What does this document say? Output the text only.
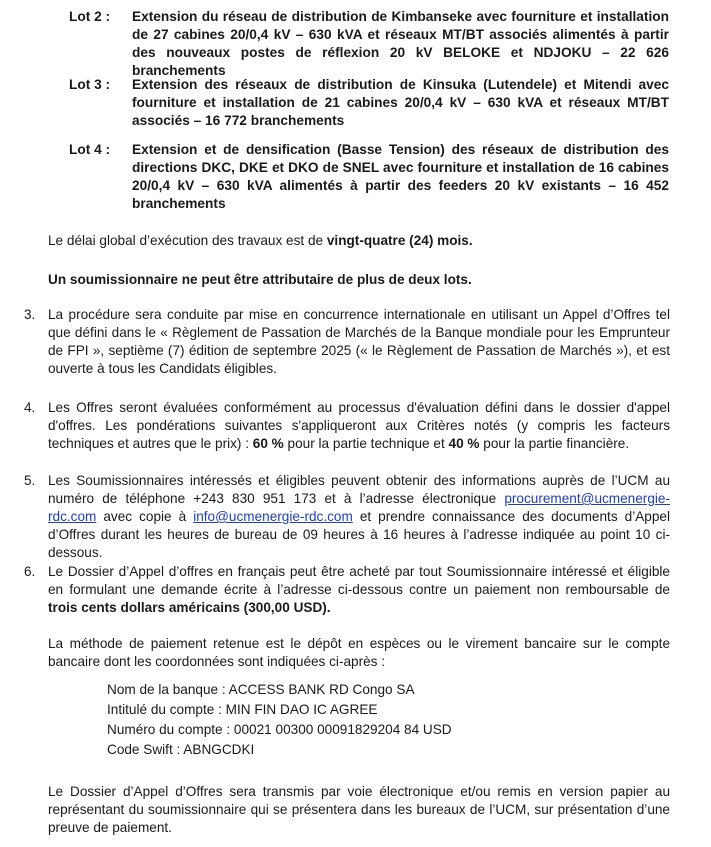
Lot 2 :	Extension du réseau de distribution de Kimbanseke avec fourniture et installation de 27 cabines 20/0,4 kV – 630 kVA et réseaux MT/BT associés alimentés à partir des nouveaux postes de réflexion 20 kV BELOKE et NDJOKU – 22 626 branchements
Lot 3 :	Extension des réseaux de distribution de Kinsuka (Lutendele) et Mitendi avec fourniture et installation de 21 cabines 20/0,4 kV – 630 kVA et réseaux MT/BT associés – 16 772 branchements
Lot 4 :	Extension et de densification (Basse Tension) des réseaux de distribution des directions DKC, DKE et DKO de SNEL avec fourniture et installation de 16 cabines 20/0,4 kV – 630 kVA alimentés à partir des feeders 20 kV existants – 16 452 branchements
Le délai global d’exécution des travaux est de vingt-quatre (24) mois.
Un soumissionnaire ne peut être attributaire de plus de deux lots.
3. La procédure sera conduite par mise en concurrence internationale en utilisant un Appel d’Offres tel que défini dans le « Règlement de Passation de Marchés de la Banque mondiale pour les Emprunteur de FPI », septième (7) édition de septembre 2025 (« le Règlement de Passation de Marchés »), et est ouverte à tous les Candidats éligibles.
4. Les Offres seront évaluées conformément au processus d'évaluation défini dans le dossier d'appel d'offres. Les pondérations suivantes s'appliqueront aux Critères notés (y compris les facteurs techniques et autres que le prix) : 60 % pour la partie technique et 40 % pour la partie financière.
5. Les Soumissionnaires intéressés et éligibles peuvent obtenir des informations auprès de l’UCM au numéro de téléphone +243 830 951 173 et à l’adresse électronique procurement@ucmenergie-rdc.com avec copie à info@ucmenergie-rdc.com et prendre connaissance des documents d’Appel d’Offres durant les heures de bureau de 09 heures à 16 heures à l’adresse indiquée au point 10 ci-dessous.
6. Le Dossier d’Appel d’offres en français peut être acheté par tout Soumissionnaire intéressé et éligible en formulant une demande écrite à l’adresse ci-dessous contre un paiement non remboursable de trois cents dollars américains (300,00 USD).
La méthode de paiement retenue est le dépôt en espèces ou le virement bancaire sur le compte bancaire dont les coordonnées sont indiquées ci-après :
Nom de la banque : ACCESS BANK RD Congo SA
Intitulé du compte : MIN FIN DAO IC AGREE
Numéro du compte : 00021 00300 00091829204 84 USD
Code Swift : ABNGCDKI
Le Dossier d’Appel d’Offres sera transmis par voie électronique et/ou remis en version papier au représentant du soumissionnaire qui se présentera dans les bureaux de l’UCM, sur présentation d’une preuve de paiement.
